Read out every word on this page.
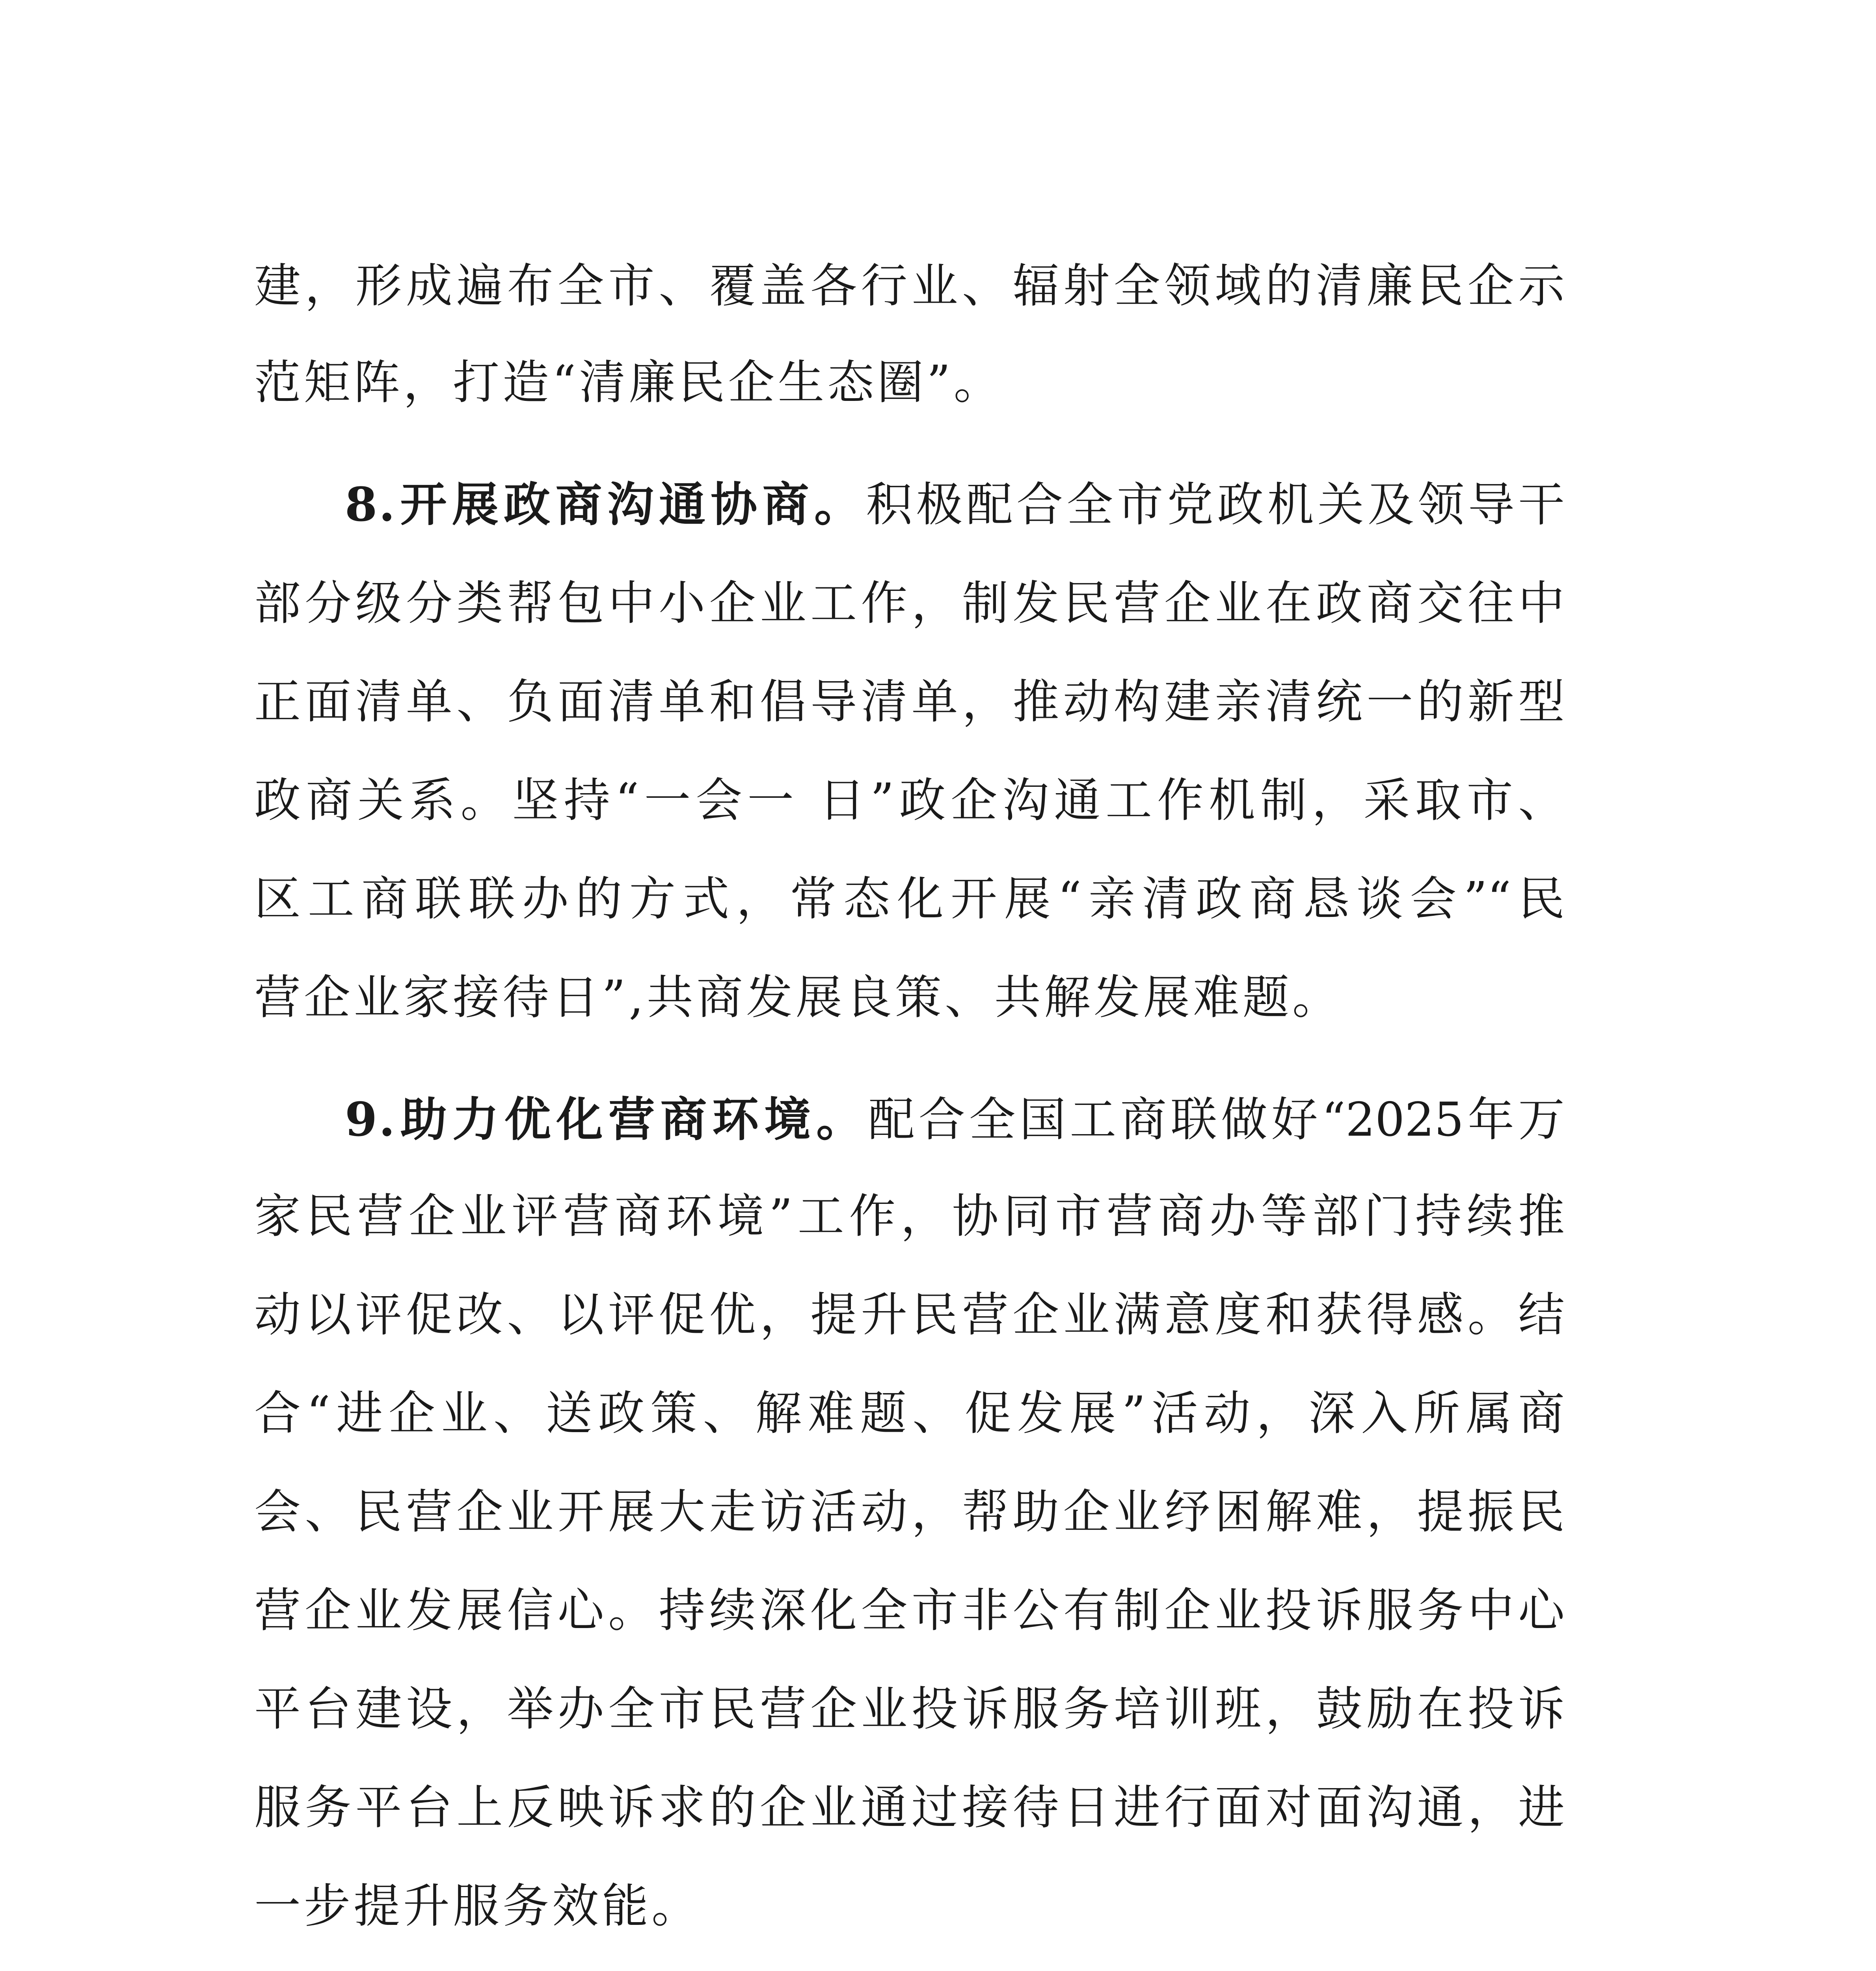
建，形成遍布全市、覆盖各行业、辐射全领域的清廉民企示
范矩阵，打造“清廉民企生态圈”。
8.开展政商沟通协商。积极配合全市党政机关及领导干
部分级分类帮包中小企业工作，制发民营企业在政商交往中
正面清单、负面清单和倡导清单，推动构建亲清统一的新型
政商关系。坚持“一会一 日”政企沟通工作机制，采取市、
区工商联联办的方式，常态化开展“亲清政商恳谈会”“民
营企业家接待日”,共商发展良策、共解发展难题。
9.助力优化营商环境。配合全国工商联做好“2025年万
家民营企业评营商环境”工作，协同市营商办等部门持续推
动以评促改、以评促优，提升民营企业满意度和获得感。结
合“进企业、送政策、解难题、促发展”活动，深入所属商
会、民营企业开展大走访活动，帮助企业纾困解难，提振民
营企业发展信心。持续深化全市非公有制企业投诉服务中心
平台建设，举办全市民营企业投诉服务培训班，鼓励在投诉
服务平台上反映诉求的企业通过接待日进行面对面沟通，进
一步提升服务效能。
